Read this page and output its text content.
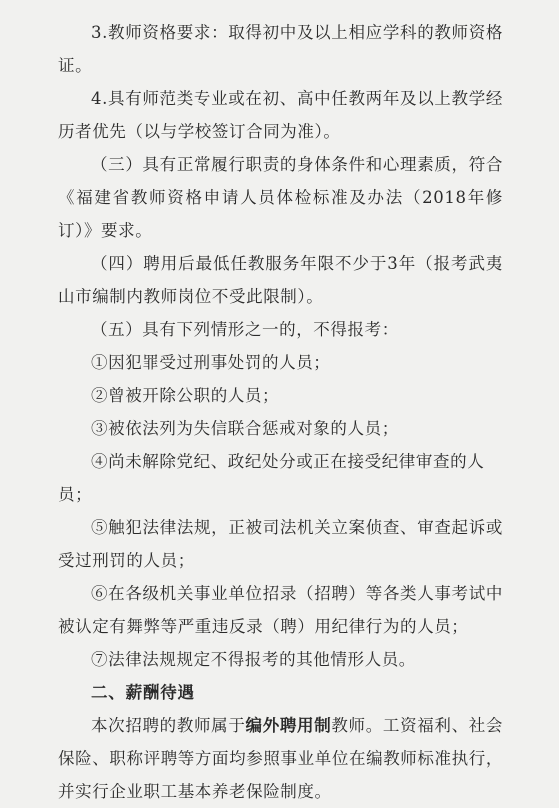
3.教师资格要求：取得初中及以上相应学科的教师资格证。

4.具有师范类专业或在初、高中任教两年及以上教学经历者优先（以与学校签订合同为准）。

（三）具有正常履行职责的身体条件和心理素质，符合《福建省教师资格申请人员体检标准及办法（2018年修订）》要求。

（四）聘用后最低任教服务年限不少于3年（报考武夷山市编制内教师岗位不受此限制）。

（五）具有下列情形之一的，不得报考：

①因犯罪受过刑事处罚的人员；

②曾被开除公职的人员；

③被依法列为失信联合惩戒对象的人员；

④尚未解除党纪、政纪处分或正在接受纪律审查的人员；

⑤触犯法律法规，正被司法机关立案侦查、审查起诉或受过刑罚的人员；

⑥在各级机关事业单位招录（招聘）等各类人事考试中被认定有舞弊等严重违反录（聘）用纪律行为的人员；

⑦法律法规规定不得报考的其他情形人员。

二、薪酬待遇

本次招聘的教师属于编外聘用制教师。工资福利、社会保险、职称评聘等方面均参照事业单位在编教师标准执行，并实行企业职工基本养老保险制度。
